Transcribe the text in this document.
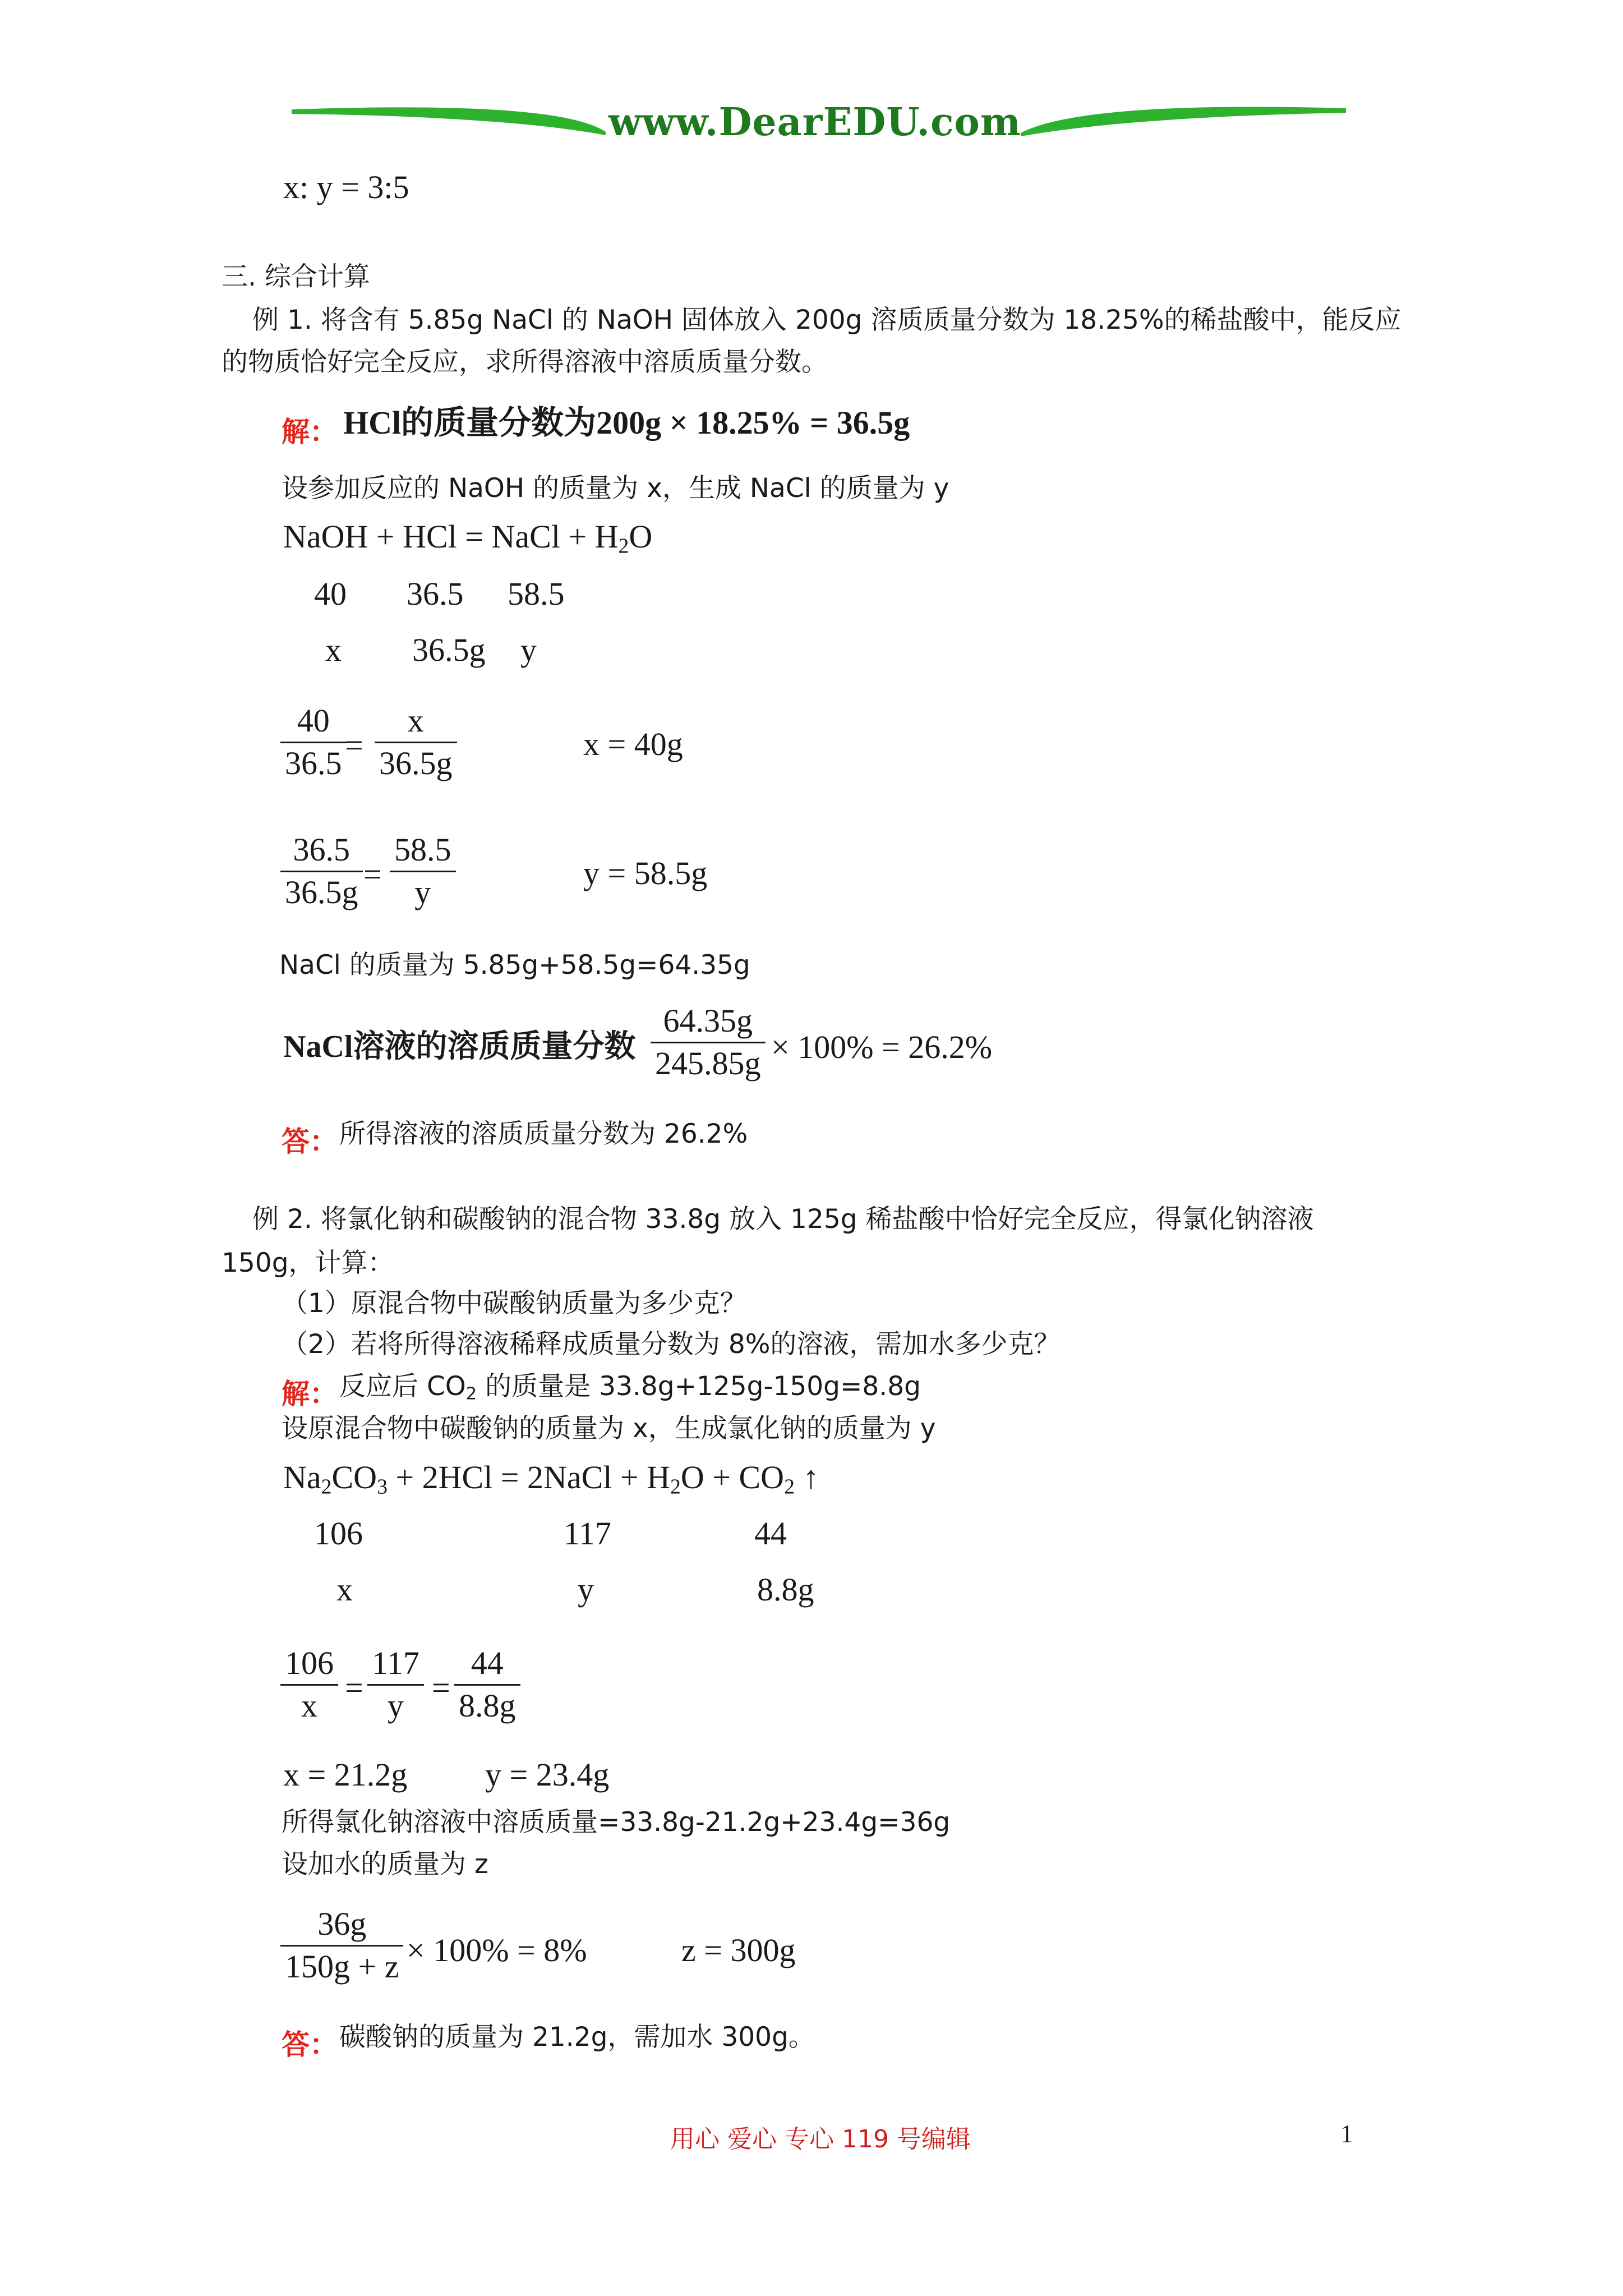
www.DearEDU.com
x: y = 3:5
三. 综合计算
例 1. 将含有 5.85g NaCl 的 NaOH 固体放入 200g 溶质质量分数为 18.25%的稀盐酸中，能反应
的物质恰好完全反应，求所得溶液中溶质质量分数。
解： HCl的质量分数为200g × 18.25% = 36.5g
设参加反应的 NaOH 的质量为 x，生成 NaCl 的质量为 y
NaOH + HCl = NaCl + $H_2O$
40 36.5 58.5
x 36.5g y
40
36.5 =
x
36.5g
x = 40g
36.5
36.5g =
58.5
y
y = 58.5g
NaCl 的质量为 5.85g+58.5g=64.35g
NaCl溶液的溶质质量分数
64.35g
245.85g × 100% = 26.2%
答： 所得溶液的溶质质量分数为 26.2%
例 2. 将氯化钠和碳酸钠的混合物 33.8g 放入 125g 稀盐酸中恰好完全反应，得氯化钠溶液
150g，计算：
（1）原混合物中碳酸钠质量为多少克？
（2）若将所得溶液稀释成质量分数为 8%的溶液，需加水多少克？
解： 反应后 $CO_2$ 的质量是 33.8g+125g-150g=8.8g
设原混合物中碳酸钠的质量为 x，生成氯化钠的质量为 y
$Na_2CO_3 + 2HCl$ = 2NaCl + $H_2O + CO_2$ ↑
106	117	44
x	y	8.8g
106
x =
117
y =
44
8.8g
x = 21.2g y = 23.4g
所得氯化钠溶液中溶质质量=33.8g-21.2g+23.4g=36g
设加水的质量为 z
36g
150g + z × 100% = 8%	z = 300g
答： 碳酸钠的质量为 21.2g，需加水 300g。
用心 爱心 专心 119 号编辑	1
